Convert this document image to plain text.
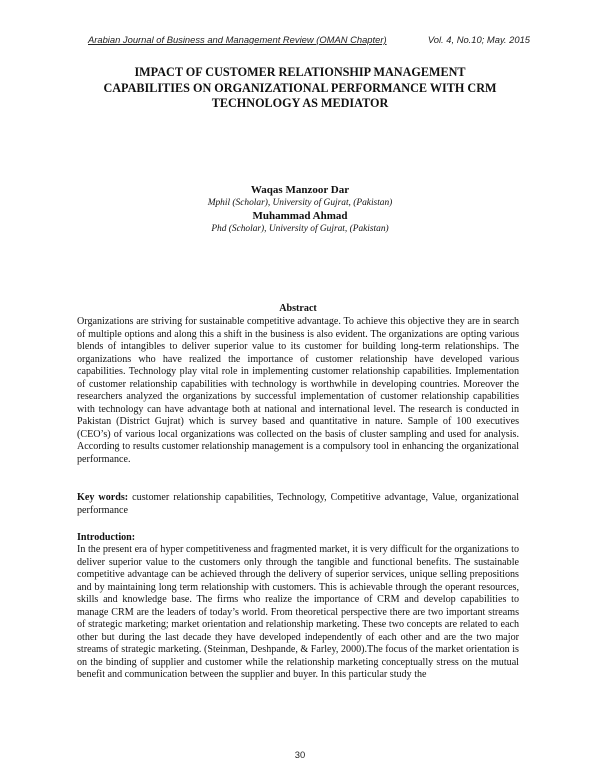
Arabian Journal of Business and Management Review (OMAN Chapter)	Vol. 4, No.10; May. 2015
IMPACT OF CUSTOMER RELATIONSHIP MANAGEMENT CAPABILITIES ON ORGANIZATIONAL PERFORMANCE WITH CRM TECHNOLOGY AS MEDIATOR
Waqas Manzoor Dar
Mphil (Scholar), University of Gujrat, (Pakistan)
Muhammad Ahmad
Phd (Scholar), University of Gujrat, (Pakistan)
Abstract

Organizations are striving for sustainable competitive advantage. To achieve this objective they are in search of multiple options and along this a shift in the business is also evident. The organizations are opting various blends of intangibles to deliver superior value to its customer for building long-term relationships. The organizations who have realized the importance of customer relationship have developed various capabilities. Technology play vital role in implementing customer relationship capabilities. Implementation of customer relationship capabilities with technology is worthwhile in developing countries. Moreover the researchers analyzed the organizations by successful implementation of customer relationship capabilities with technology can have advantage both at national and international level. The research is conducted in Pakistan (District Gujrat) which is survey based and quantitative in nature. Sample of 100 executives (CEO’s) of various local organizations was collected on the basis of cluster sampling and used for analysis. According to results customer relationship management is a compulsory tool in enhancing the organizational performance.

Key words: customer relationship capabilities, Technology, Competitive advantage, Value, organizational performance

Introduction:

In the present era of hyper competitiveness and fragmented market, it is very difficult for the organizations to deliver superior value to the customers only through the tangible and functional benefits. The sustainable competitive advantage can be achieved through the delivery of superior services, unique selling prepositions and by maintaining long term relationship with customers. This is achievable through the operant resources, skills and knowledge base. The firms who realize the importance of CRM and develop capabilities to manage CRM are the leaders of today’s world. From theoretical perspective there are two important streams of strategic marketing; market orientation and relationship marketing. These two concepts are related to each other but during the last decade they have developed independently of each other and are the two major streams of strategic marketing. (Steinman, Deshpande, & Farley, 2000).The focus of the market orientation is on the binding of supplier and customer while the relationship marketing conceptually stress on the mutual benefit and communication between the supplier and buyer. In this particular study the

30
